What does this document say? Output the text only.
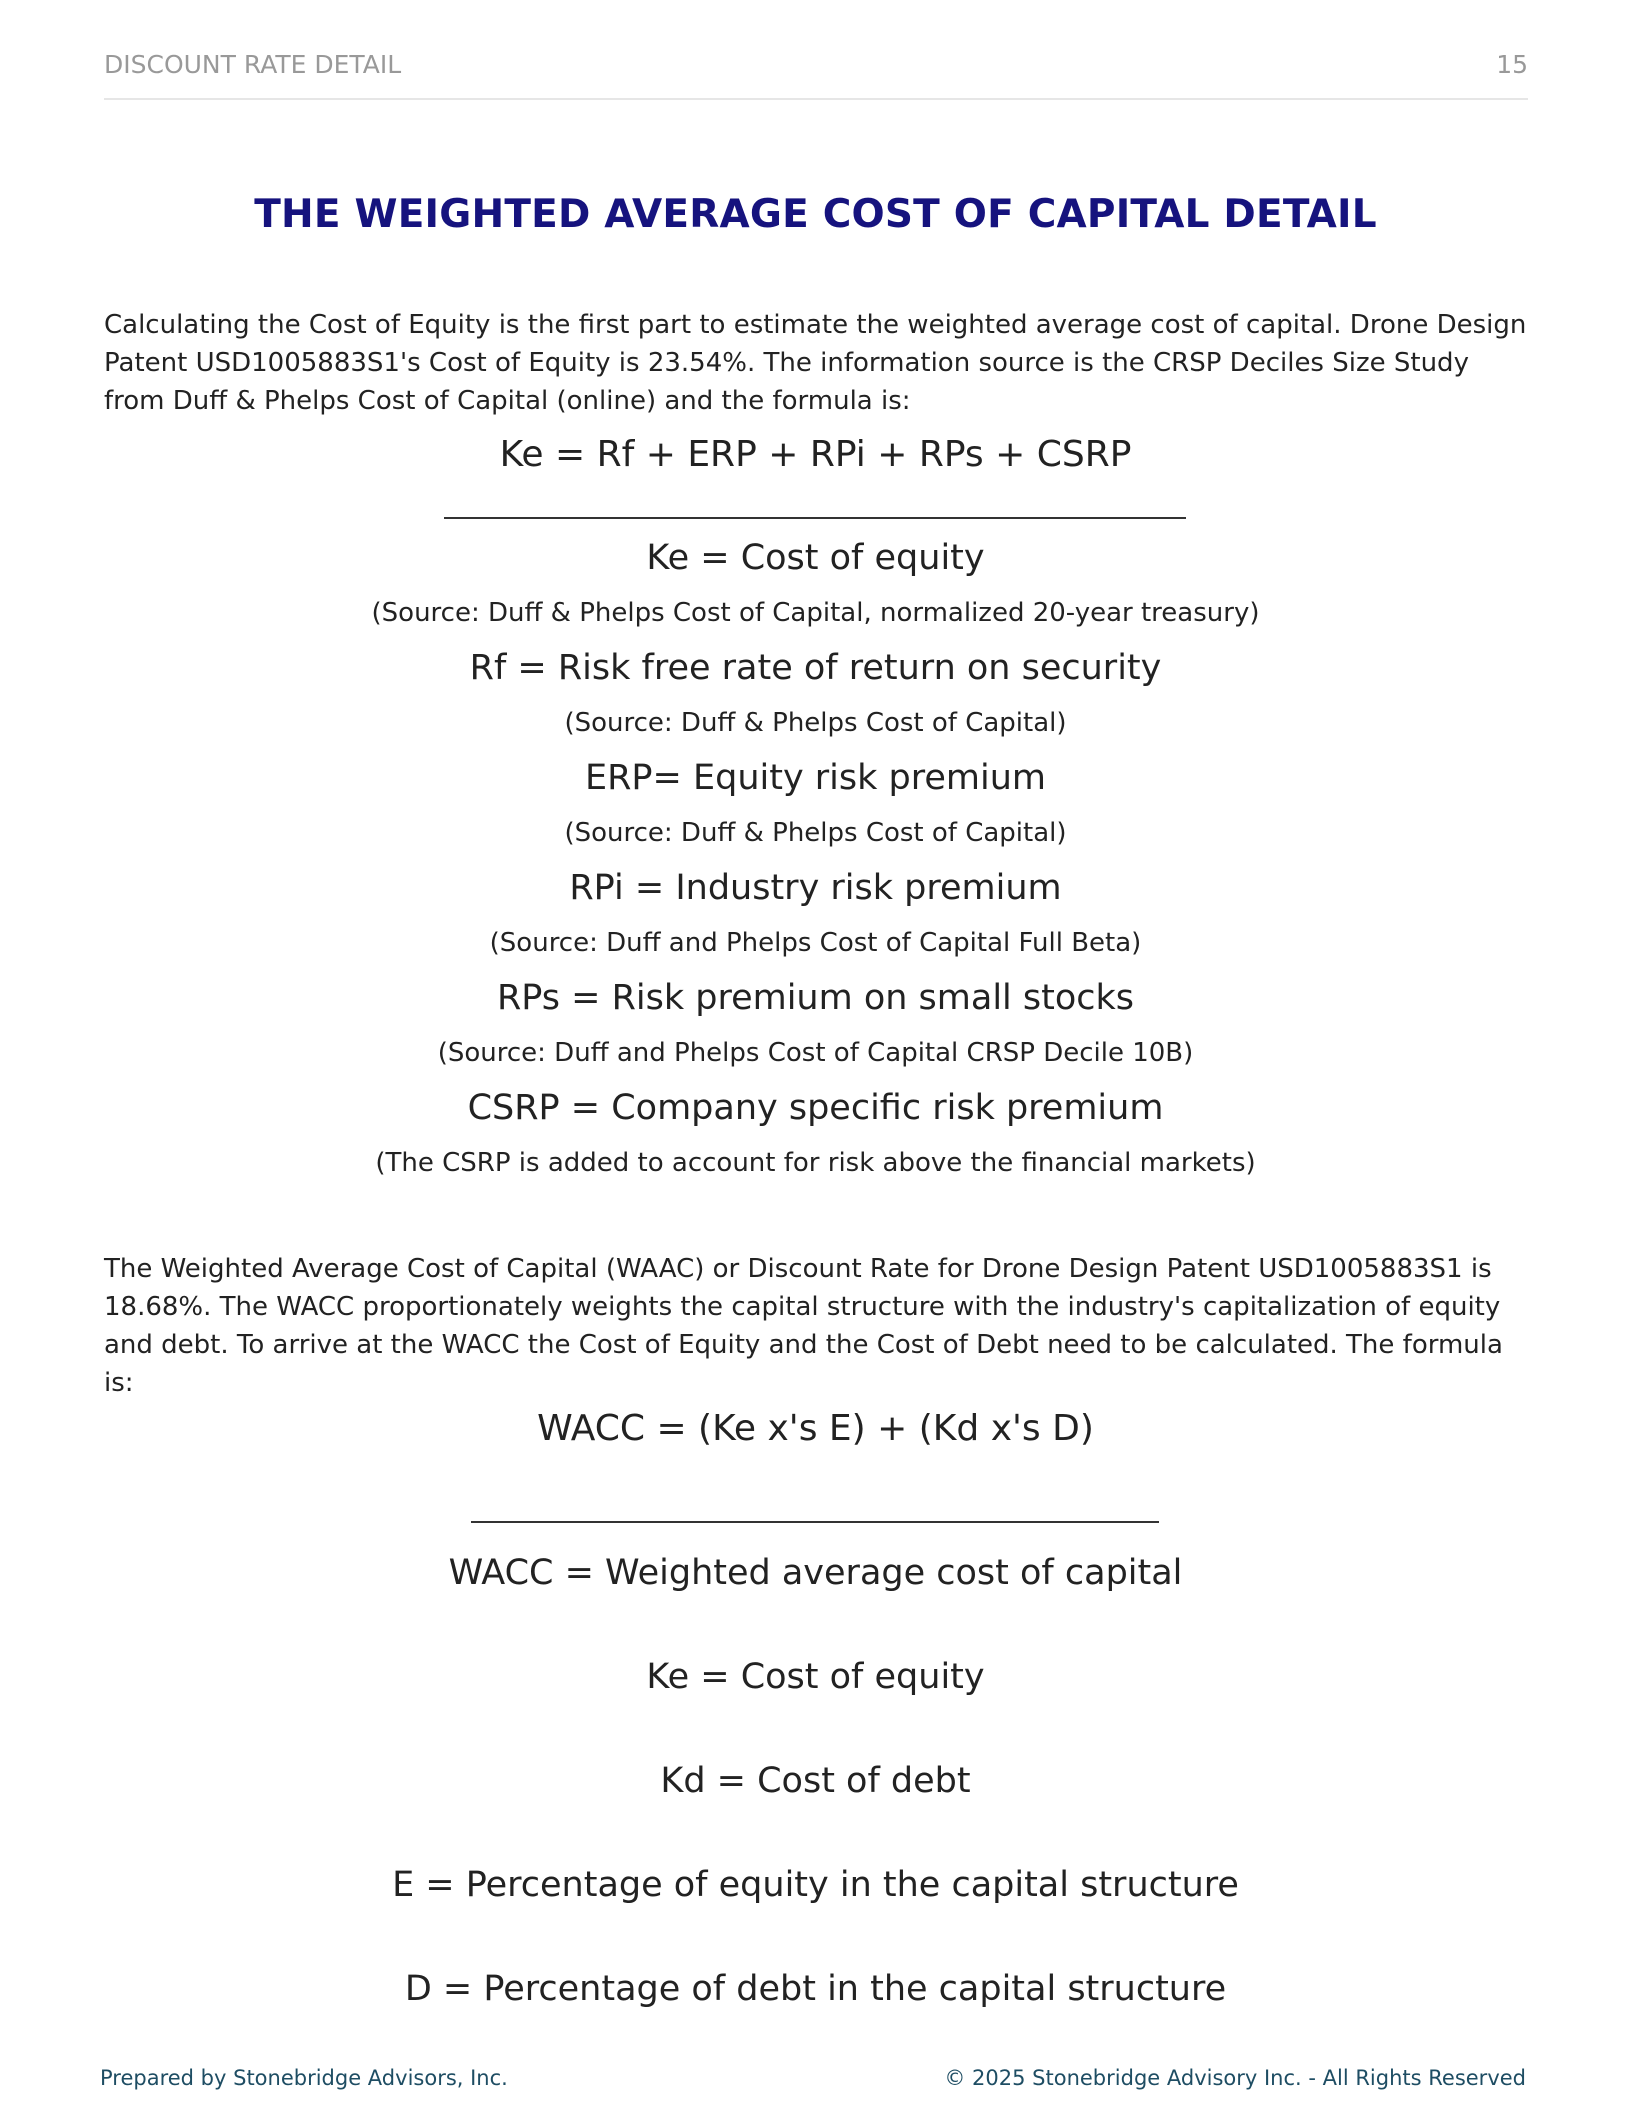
DISCOUNT RATE DETAIL	15
THE WEIGHTED AVERAGE COST OF CAPITAL DETAIL

Calculating the Cost of Equity is the first part to estimate the weighted average cost of capital. Drone Design Patent USD1005883S1's Cost of Equity is 23.54%. The information source is the CRSP Deciles Size Study from Duff & Phelps Cost of Capital (online) and the formula is:

Ke = Rf + ERP + RPi + RPs + CSRP
Ke = Cost of equity
(Source: Duff & Phelps Cost of Capital, normalized 20-year treasury)
Rf = Risk free rate of return on security
(Source: Duff & Phelps Cost of Capital)
ERP= Equity risk premium
(Source: Duff & Phelps Cost of Capital)
RPi = Industry risk premium
(Source: Duff and Phelps Cost of Capital Full Beta)
RPs = Risk premium on small stocks
(Source: Duff and Phelps Cost of Capital CRSP Decile 10B)
CSRP = Company specific risk premium
(The CSRP is added to account for risk above the financial markets)

The Weighted Average Cost of Capital (WAAC) or Discount Rate for Drone Design Patent USD1005883S1 is 18.68%. The WACC proportionately weights the capital structure with the industry's capitalization of equity and debt. To arrive at the WACC the Cost of Equity and the Cost of Debt need to be calculated. The formula is:

WACC = (Ke x's E) + (Kd x's D)
WACC = Weighted average cost of capital
Ke = Cost of equity
Kd = Cost of debt
E = Percentage of equity in the capital structure
D = Percentage of debt in the capital structure
Prepared by Stonebridge Advisors, Inc.	© 2025 Stonebridge Advisory Inc. - All Rights Reserved
